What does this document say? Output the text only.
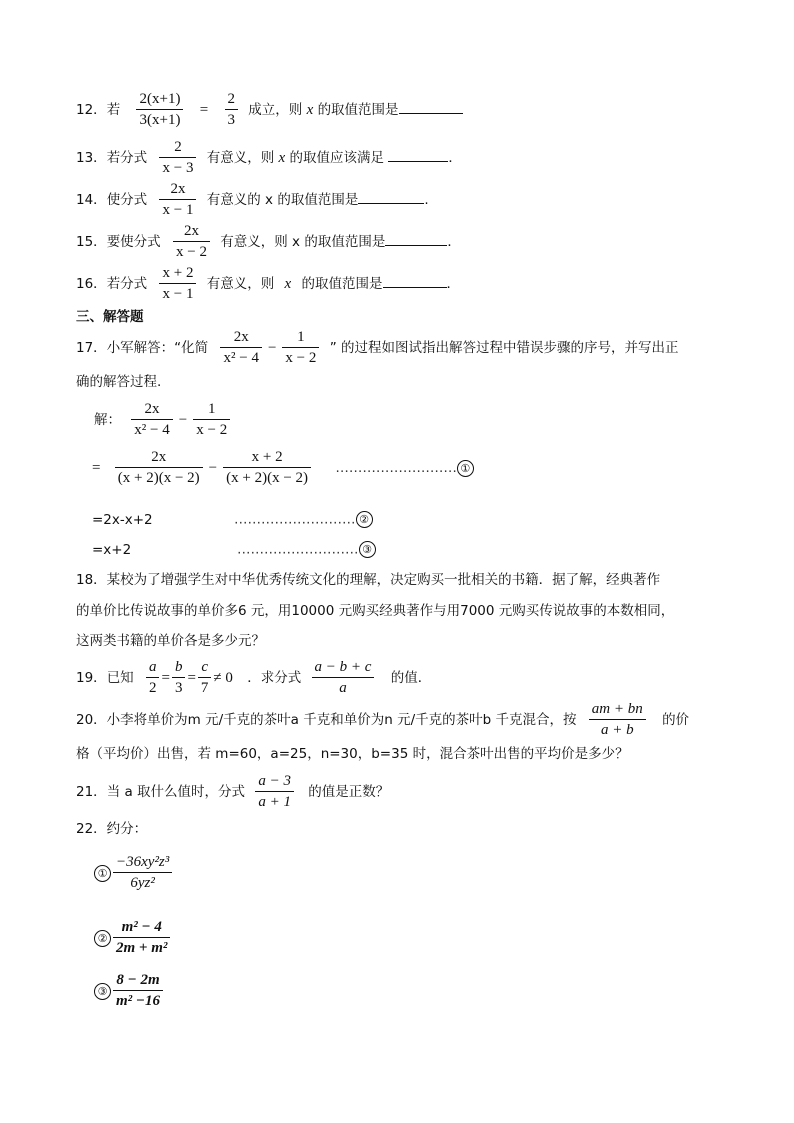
12．若 $\frac{2(x+1)}{3(x+1)} = \frac{2}{3}$ 成立，则 x 的取值范围是
13．若分式 $\frac{2}{x - 3}$ 有意义，则 x 的取值应该满足	．
14．使分式 $\frac{2x}{x - 1}$ 有意义的 x 的取值范围是	.
15．要使分式 $\frac{2x}{x - 2}$ 有意义，则 x 的取值范围是	．
16．若分式 $\frac{x + 2}{x - 1}$ 有意义，则 x 的取值范围是	．
三、解答题
17．小军解答：“化简 $\frac{2x}{\text{x² − 4}} - \frac{1}{x - 2}$ ” 的过程如图试指出解答过程中错误步骤的序号，并写出正
确的解答过程.
解： $\frac{2x}{\text{x² − 4}} - \frac{1}{x - 2}$
= $\frac{2x}{(x + 2)(x - 2)} - \frac{x + 2}{(x + 2)(x - 2)}$ ……………………… ①
=2x-x+2	……………………… ②
=x+2	……………………… ③
18．某校为了增强学生对中华优秀传统文化的理解，决定购买一批相关的书籍．据了解，经典著作
的单价比传说故事的单价多6 元，用10000 元购买经典著作与用7000 元购买传说故事的本数相同，
这两类书籍的单价各是多少元？
19．已知 $\frac{a}{2} = \frac{b}{3} = \frac{c}{7} \ne 0$ ．求分式 $\frac{a - b + c}{a}$ 的值．
20．小李将单价为m 元/千克的茶叶a 千克和单价为n 元/千克的茶叶b 千克混合，按 $\frac{am + bn}{a + b}$ 的价
格（平均价）出售，若 m=60，a=25，n=30，b=35 时，混合茶叶出售的平均价是多少？
21．当 a 取什么值时，分式 $\frac{a - 3}{a + 1}$ 的值是正数？
22．约分：
① $\frac{\text{−36xy²z³}}{\text{6yz²}}$
② $\frac{\text{m² − 4}}{\text{2m + m²}}$
③ $\frac{8 - 2m}{\text{m² −16}}$
